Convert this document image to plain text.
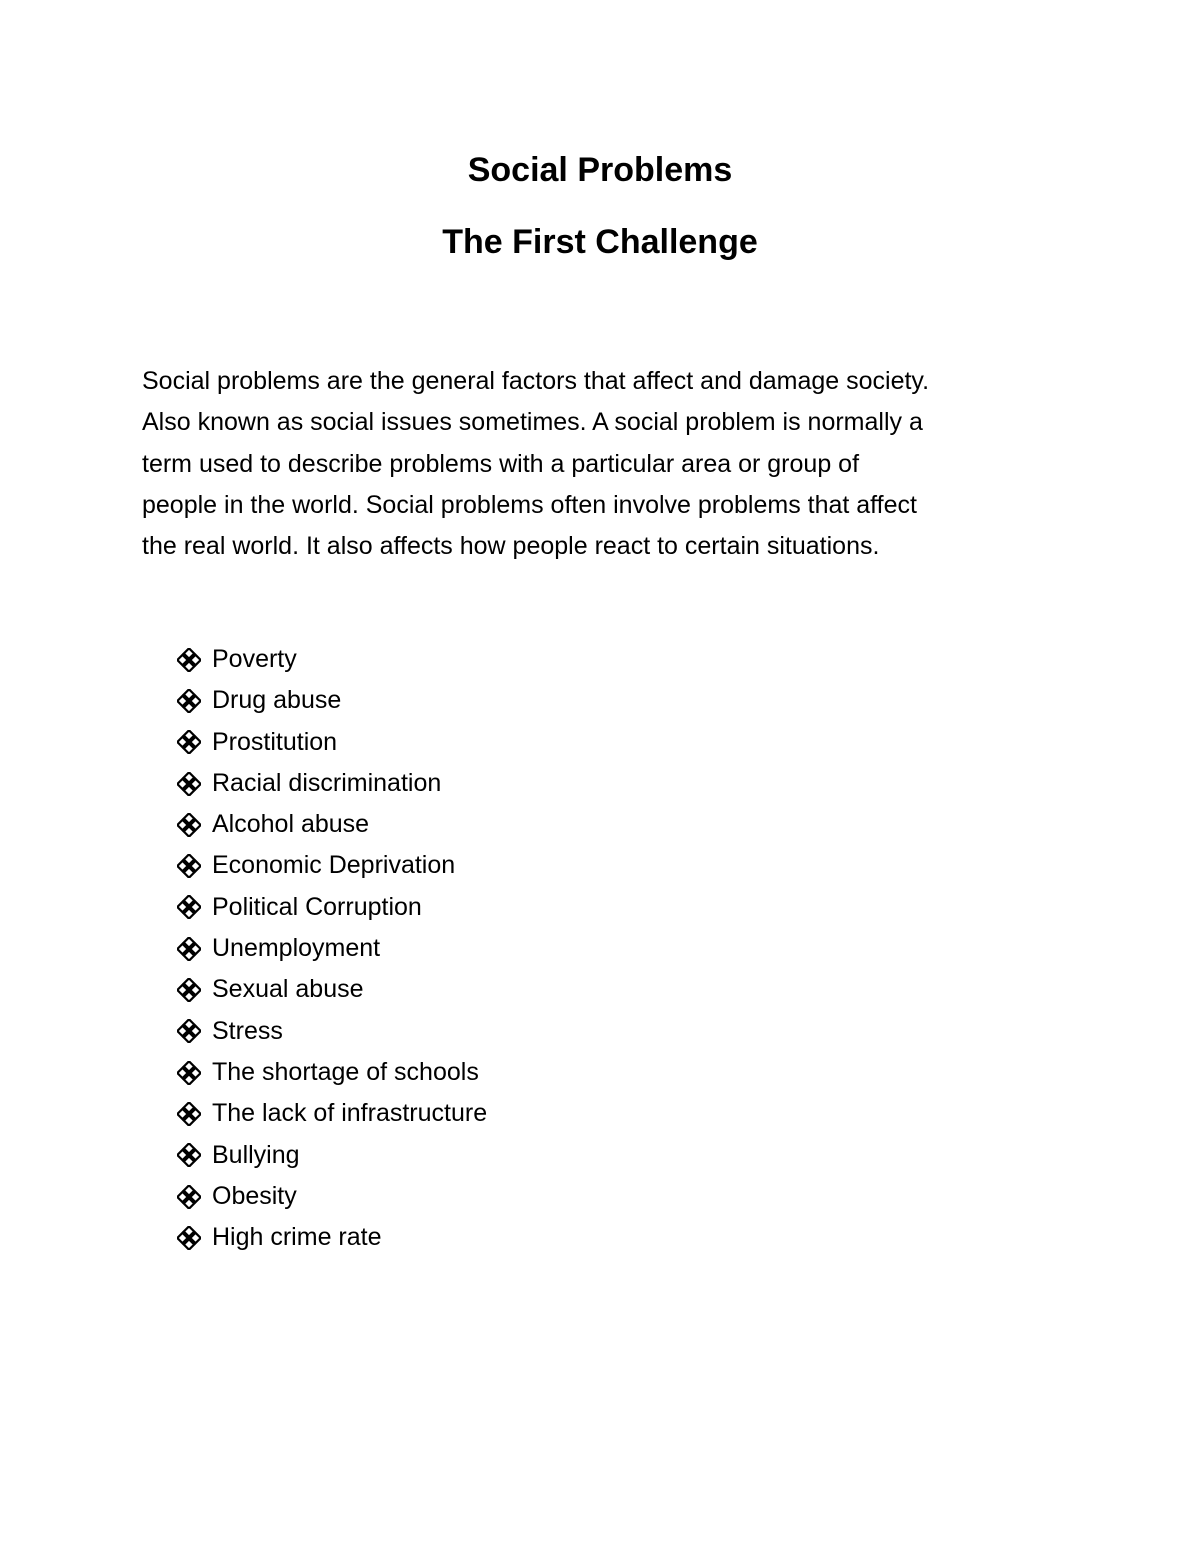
Social Problems
The First Challenge

Social problems are the general factors that affect and damage society.
Also known as social issues sometimes. A social problem is normally a
term used to describe problems with a particular area or group of
people in the world. Social problems often involve problems that affect
the real world. It also affects how people react to certain situations.

Poverty
Drug abuse
Prostitution
Racial discrimination
Alcohol abuse
Economic Deprivation
Political Corruption
Unemployment
Sexual abuse
Stress
The shortage of schools
The lack of infrastructure
Bullying
Obesity
High crime rate
